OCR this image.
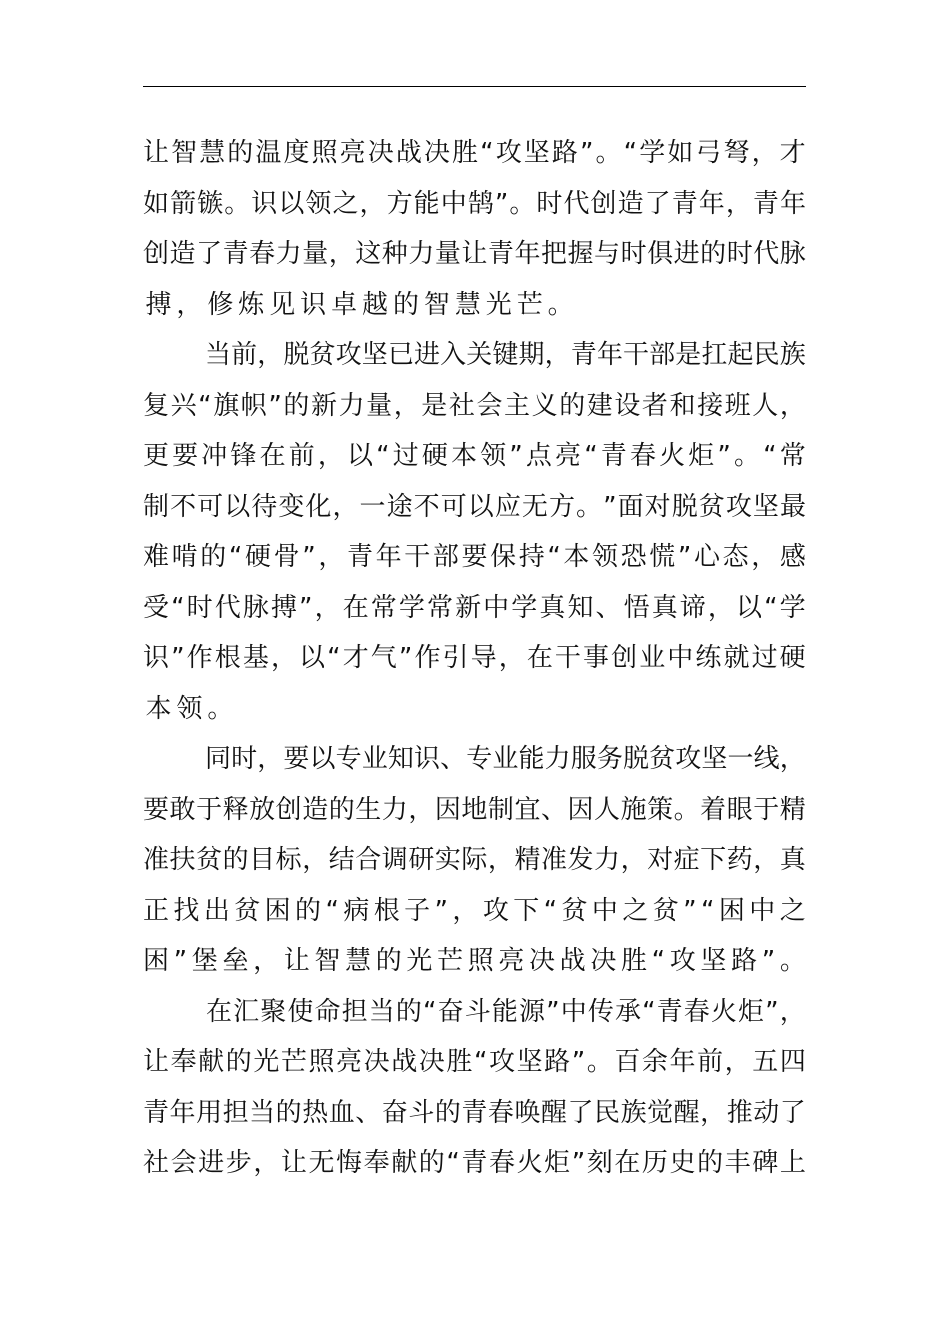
让 智 慧 的 温 度 照 亮 决 战 决 胜 “ 攻 坚 路 ” 。 “ 学 如 弓 弩 ， 才
如 箭 镞 。 识 以 领 之 ， 方 能 中 鹄 ” 。 时 代 创 造 了 青 年 ， 青 年
创 造 了 青 春 力 量 ， 这 种 力 量 让 青 年 把 握 与 时 俱 进 的 时 代 脉
搏 ， 修 炼 见 识 卓 越 的 智 慧 光 芒 。
当 前 ， 脱 贫 攻 坚 已 进 入 关 键 期 ， 青 年 干 部 是 扛 起 民 族
复 兴 “ 旗 帜 ” 的 新 力 量 ， 是 社 会 主 义 的 建 设 者 和 接 班 人 ，
更 要 冲 锋 在 前 ， 以 “ 过 硬 本 领 ” 点 亮 “ 青 春 火 炬 ” 。 “ 常
制 不 可 以 待 变 化 ， 一 途 不 可 以 应 无 方 。 ” 面 对 脱 贫 攻 坚 最
难 啃 的 “ 硬 骨 ” ， 青 年 干 部 要 保 持 “ 本 领 恐 慌 ” 心 态 ， 感
受 “ 时 代 脉 搏 ” ， 在 常 学 常 新 中 学 真 知 、 悟 真 谛 ， 以 “ 学
识 ” 作 根 基 ， 以 “ 才 气 ” 作 引 导 ， 在 干 事 创 业 中 练 就 过 硬
本 领 。
同 时 ， 要 以 专 业 知 识 、 专 业 能 力 服 务 脱 贫 攻 坚 一 线 ，
要 敢 于 释 放 创 造 的 生 力 ， 因 地 制 宜 、 因 人 施 策 。 着 眼 于 精
准 扶 贫 的 目 标 ， 结 合 调 研 实 际 ， 精 准 发 力 ， 对 症 下 药 ， 真
正 找 出 贫 困 的 “ 病 根 子 ” ， 攻 下 “ 贫 中 之 贫 ” “ 困 中 之
困 ” 堡 垒 ， 让 智 慧 的 光 芒 照 亮 决 战 决 胜 “ 攻 坚 路 ” 。
在 汇 聚 使 命 担 当 的 “ 奋 斗 能 源 ” 中 传 承 “ 青 春 火 炬 ” ，
让 奉 献 的 光 芒 照 亮 决 战 决 胜 “ 攻 坚 路 ” 。 百 余 年 前 ， 五 四
青 年 用 担 当 的 热 血 、 奋 斗 的 青 春 唤 醒 了 民 族 觉 醒 ， 推 动 了
社 会 进 步 ， 让 无 悔 奉 献 的 “ 青 春 火 炬 ” 刻 在 历 史 的 丰 碑 上
